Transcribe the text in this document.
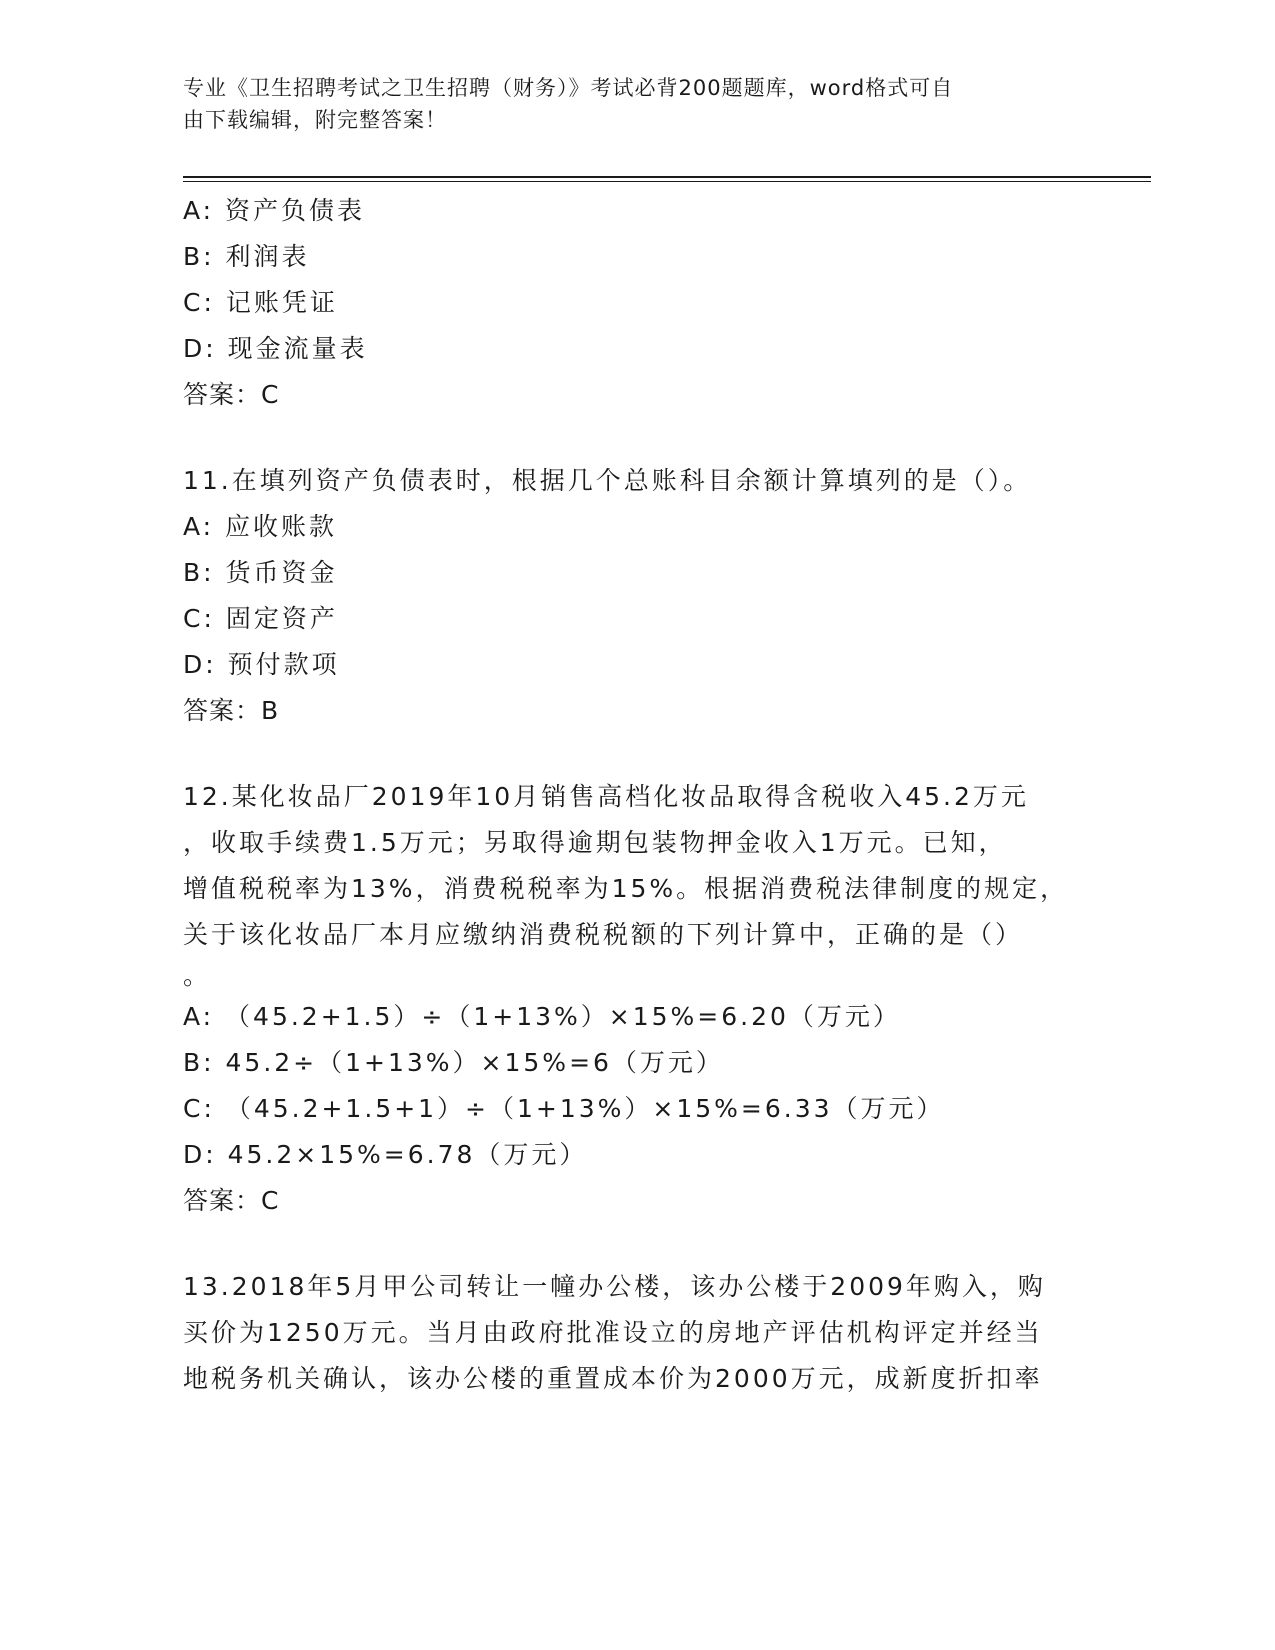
专业《卫生招聘考试之卫生招聘（财务）》考试必背200题题库，word格式可自
由下载编辑，附完整答案！
A: 资产负债表
B: 利润表
C: 记账凭证
D: 现金流量表
答案：C
11.在填列资产负债表时，根据几个总账科目余额计算填列的是（）。
A: 应收账款
B: 货币资金
C: 固定资产
D: 预付款项
答案：B
12.某化妆品厂2019年10月销售高档化妆品取得含税收入45.2万元
，收取手续费1.5万元；另取得逾期包装物押金收入1万元。已知，
增值税税率为13%，消费税税率为15%。根据消费税法律制度的规定，
关于该化妆品厂本月应缴纳消费税税额的下列计算中，正确的是（）
。
A: （45.2+1.5）÷（1+13%）×15%=6.20（万元）
B: 45.2÷（1+13%）×15%=6（万元）
C: （45.2+1.5+1）÷（1+13%）×15%=6.33（万元）
D: 45.2×15%=6.78（万元）
答案：C
13.2018年5月甲公司转让一幢办公楼，该办公楼于2009年购入，购
买价为1250万元。当月由政府批准设立的房地产评估机构评定并经当
地税务机关确认，该办公楼的重置成本价为2000万元，成新度折扣率
